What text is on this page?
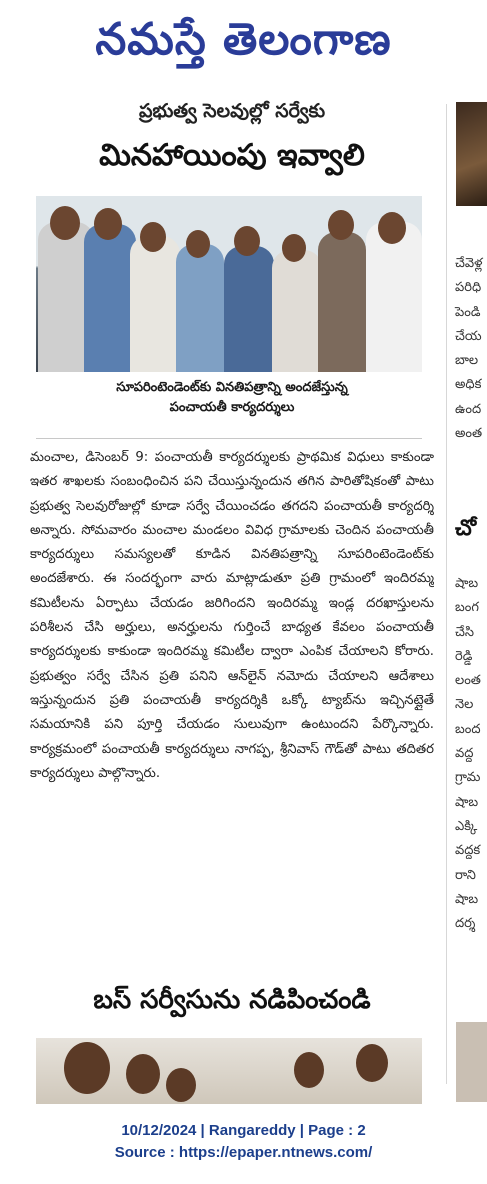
నమస్తే తెలంగాణ
ప్రభుత్వ సెలవుల్లో సర్వేకు
మినహాయింపు ఇవ్వాలి
సూపరింటెండెంట్‌కు వినతిపత్రాన్ని అందజేస్తున్న
పంచాయతీ కార్యదర్శులు

మంచాల, డిసెంబర్ 9: పంచాయతీ కార్యదర్శులకు ప్రాథమిక విధులు కాకుండా ఇతర శాఖలకు సంబంధించిన పని చేయిస్తున్నందున తగిన పారితోషికంతో పాటు ప్రభుత్వ సెలవురోజుల్లో కూడా సర్వే చేయించడం తగదని పంచాయతీ కార్యదర్శి అన్నారు. సోమవారం మంచాల మండలం వివిధ గ్రామాలకు చెందిన పంచాయతీ కార్యదర్శులు సమస్యలతో కూడిన వినతిపత్రాన్ని సూపరింటెండెంట్‌కు అందజేశారు. ఈ సందర్భంగా వారు మాట్లాడుతూ ప్రతి గ్రామంలో ఇందిరమ్మ కమిటీలను ఏర్పాటు చేయడం జరిగిందని ఇందిరమ్మ ఇండ్ల దరఖాస్తులను పరిశీలన చేసి అర్హులు, అనర్హులను గుర్తించే బాధ్యత కేవలం పంచాయతీ కార్యదర్శులకు కాకుండా ఇందిరమ్మ కమిటీల ద్వారా ఎంపిక చేయాలని కోరారు. ప్రభుత్వం సర్వే చేసిన ప్రతి పనిని ఆన్‌లైన్ నమోదు చేయాలని ఆదేశాలు ఇస్తున్నందున ప్రతి పంచాయతీ కార్యదర్శికి ఒక్కో ట్యాబ్‌ను ఇచ్చినట్లైతే సమయానికి పని పూర్తి చేయడం సులువుగా ఉంటుందని పేర్కొన్నారు. కార్యక్రమంలో పంచాయతీ కార్యదర్శులు నాగప్ప, శ్రీనివాస్ గౌడ్‌తో పాటు తదితర కార్యదర్శులు పాల్గొన్నారు.

బస్ సర్వీసును నడిపించండి
చేవెళ్ల
పరిధి
పెండి
చేయ
బాల
అధిక
ఉంద
అంత
చో
షాబ
బంగ
చేసి
రెడ్డి
లంత
నెల
బంద
వద్ద
గ్రామ
షాబ
ఎక్కి
వద్దక
రాని
షాబ
దర్శ
10/12/2024 | Rangareddy | Page : 2
Source : https://epaper.ntnews.com/
